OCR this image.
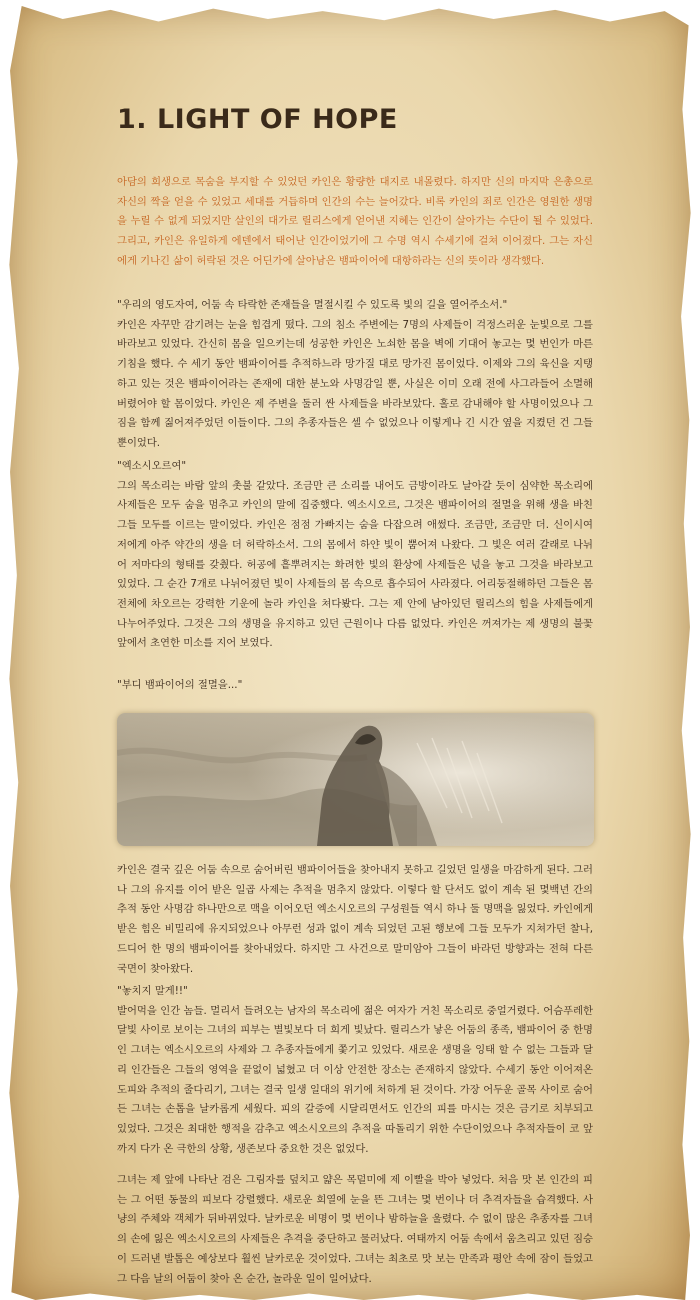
1. LIGHT OF HOPE

아담의 희생으로 목숨을 부지할 수 있었던 카인은 황량한 대지로 내몰렸다. 하지만 신의 마지막 은총으로 자신의 짝을 얻을 수 있었고 세대를 거듭하며 인간의 수는 늘어갔다. 비록 카인의 죄로 인간은 영원한 생명을 누릴 수 없게 되었지만 살인의 대가로 릴리스에게 얻어낸 지혜는 인간이 살아가는 수단이 될 수 있었다. 그리고, 카인은 유일하게 에덴에서 태어난 인간이었기에 그 수명 역시 수세기에 걸쳐 이어졌다. 그는 자신에게 기나긴 삶이 허락된 것은 어딘가에 살아남은 뱀파이어에 대항하라는 신의 뜻이라 생각했다.

"우리의 영도자여, 어둠 속 타락한 존재들을 멸절시킬 수 있도록 빛의 길을 열어주소서."
카인은 자꾸만 감기려는 눈을 힘겹게 떴다. 그의 침소 주변에는 7명의 사제들이 걱정스러운 눈빛으로 그를 바라보고 있었다. 간신히 몸을 일으키는데 성공한 카인은 노쇠한 몸을 벽에 기대어 놓고는 몇 번인가 마른 기침을 했다. 수 세기 동안 뱀파이어를 추적하느라 망가질 대로 망가진 몸이었다. 이제와 그의 육신을 지탱하고 있는 것은 뱀파이어라는 존재에 대한 분노와 사명감일 뿐, 사실은 이미 오래 전에 사그라들어 소멸해버렸어야 할 몸이었다. 카인은 제 주변을 둘러 싼 사제들을 바라보았다. 홀로 감내해야 할 사명이었으나 그 짐을 함께 짊어져주었던 이들이다. 그의 추종자들은 셀 수 없었으나 이렇게나 긴 시간 옆을 지켰던 건 그들뿐이었다.

"엑소시오르여"
그의 목소리는 바람 앞의 촛불 같았다. 조금만 큰 소리를 내어도 금방이라도 날아갈 듯이 심약한 목소리에 사제들은 모두 숨을 멈추고 카인의 말에 집중했다. 엑소시오르, 그것은 뱀파이어의 절멸을 위해 생을 바친 그들 모두를 이르는 말이었다. 카인은 점점 가빠지는 숨을 다잡으려 애썼다. 조금만, 조금만 더. 신이시여 저에게 아주 약간의 생을 더 허락하소서. 그의 몸에서 하얀 빛이 뿜어져 나왔다. 그 빛은 여러 갈래로 나뉘어 저마다의 형태를 갖췄다. 허공에 흩뿌려지는 화려한 빛의 환상에 사제들은 넋을 놓고 그것을 바라보고 있었다. 그 순간 7개로 나뉘어졌던 빛이 사제들의 몸 속으로 흡수되어 사라졌다. 어리둥절해하던 그들은 몸 전체에 차오르는 강력한 기운에 놀라 카인을 쳐다봤다. 그는 제 안에 남아있던 릴리스의 힘을 사제들에게 나누어주었다. 그것은 그의 생명을 유지하고 있던 근원이나 다름 없었다. 카인은 꺼져가는 제 생명의 불꽃 앞에서 초연한 미소를 지어 보였다.

"부디 뱀파이어의 절멸을..."

카인은 결국 깊은 어둠 속으로 숨어버린 뱀파이어들을 찾아내지 못하고 길었던 일생을 마감하게 된다. 그러나 그의 유지를 이어 받은 일곱 사제는 추적을 멈추지 않았다. 이렇다 할 단서도 없이 계속 된 몇백년 간의 추적 동안 사명감 하나만으로 맥을 이어오던 엑소시오르의 구성원들 역시 하나 둘 명맥을 잃었다. 카인에게 받은 힘은 비밀리에 유지되었으나 아무런 성과 없이 계속 되었던 고된 행보에 그들 모두가 지쳐가던 찰나, 드디어 한 명의 뱀파이어를 찾아내었다. 하지만 그 사건으로 말미암아 그들이 바라던 방향과는 전혀 다른 국면이 찾아왔다.

"놓치지 말게!!"
발어먹을 인간 놈들. 멀리서 들려오는 남자의 목소리에 젊은 여자가 거친 목소리로 중얼거렸다. 어슴푸레한 달빛 사이로 보이는 그녀의 피부는 별빛보다 더 희게 빛났다. 릴리스가 낳은 어둠의 종족, 뱀파이어 중 한명인 그녀는 엑소시오르의 사제와 그 추종자들에게 쫓기고 있었다. 새로운 생명을 잉태 할 수 없는 그들과 달리 인간들은 그들의 영역을 끝없이 넓혔고 더 이상 안전한 장소는 존재하지 않았다. 수세기 동안 이어져온 도피와 추적의 줄다리기, 그녀는 결국 일생 일대의 위기에 처하게 된 것이다. 가장 어두운 골목 사이로 숨어 든 그녀는 손톱을 날카롭게 세웠다. 피의 갈증에 시달리면서도 인간의 피를 마시는 것은 금기로 치부되고 있었다. 그것은 최대한 행적을 감추고 엑소시오르의 추적을 따돌리기 위한 수단이었으나 추적자들이 코 앞까지 다가 온 극한의 상황, 생존보다 중요한 것은 없었다.

그녀는 제 앞에 나타난 검은 그림자를 덮치고 얇은 목덜미에 제 이빨을 박아 넣었다. 처음 맛 본 인간의 피는 그 어떤 동물의 피보다 강렬했다. 새로운 희열에 눈을 뜬 그녀는 몇 번이나 더 추격자들을 습격했다. 사냥의 주체와 객체가 뒤바뀌었다. 날카로운 비명이 몇 번이나 밤하늘을 울렸다. 수 없이 많은 추종자를 그녀의 손에 잃은 엑소시오르의 사제들은 추격을 중단하고 물러났다. 여태까지 어둠 속에서 움츠리고 있던 짐승이 드러낸 발톱은 예상보다 훨씬 날카로운 것이었다. 그녀는 최초로 맛 보는 만족과 평안 속에 잠이 들었고 그 다음 날의 어둠이 찾아 온 순간, 놀라운 일이 일어났다.
